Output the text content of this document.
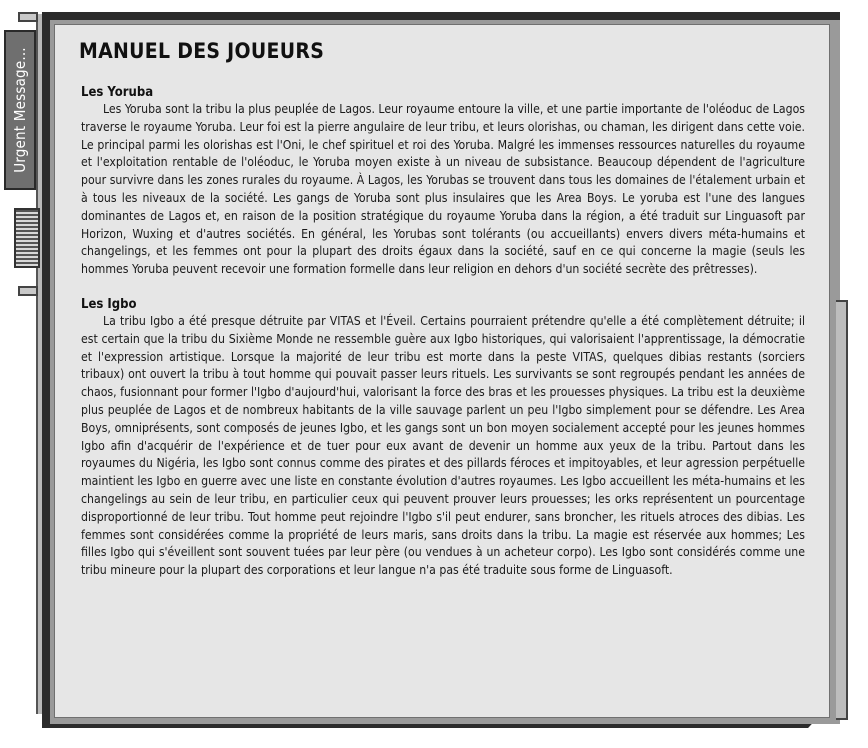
Urgent Message... MANUEL DES JOUEURS
Les Yoruba

Les Yoruba sont la tribu la plus peuplée de Lagos. Leur royaume entoure la ville, et une partie importante de l'oléoduc de Lagos traverse le royaume Yoruba. Leur foi est la pierre angulaire de leur tribu, et leurs olorishas, ou chaman, les dirigent dans cette voie. Le principal parmi les olorishas est l'Oni, le chef spirituel et roi des Yoruba. Malgré les immenses ressources naturelles du royaume et l'exploitation rentable de l'oléoduc, le Yoruba moyen existe à un niveau de subsistance. Beaucoup dépendent de l'agriculture pour survivre dans les zones rurales du royaume. À Lagos, les Yorubas se trouvent dans tous les domaines de l'étalement urbain et à tous les niveaux de la société. Les gangs de Yoruba sont plus insulaires que les Area Boys. Le yoruba est l'une des langues dominantes de Lagos et, en raison de la position stratégique du royaume Yoruba dans la région, a été traduit sur Linguasoft par Horizon, Wuxing et d'autres sociétés. En général, les Yorubas sont tolérants (ou accueillants) envers divers méta-humains et changelings, et les femmes ont pour la plupart des droits égaux dans la société, sauf en ce qui concerne la magie (seuls les hommes Yoruba peuvent recevoir une formation formelle dans leur religion en dehors d'un société secrète des prêtresses).

Les Igbo

La tribu Igbo a été presque détruite par VITAS et l'Éveil. Certains pourraient prétendre qu'elle a été complètement détruite; il est certain que la tribu du Sixième Monde ne ressemble guère aux Igbo historiques, qui valorisaient l'apprentissage, la démocratie et l'expression artistique. Lorsque la majorité de leur tribu est morte dans la peste VITAS, quelques dibias restants (sorciers tribaux) ont ouvert la tribu à tout homme qui pouvait passer leurs rituels. Les survivants se sont regroupés pendant les années de chaos, fusionnant pour former l'Igbo d'aujourd'hui, valorisant la force des bras et les prouesses physiques. La tribu est la deuxième plus peuplée de Lagos et de nombreux habitants de la ville sauvage parlent un peu l'Igbo simplement pour se défendre. Les Area Boys, omniprésents, sont composés de jeunes Igbo, et les gangs sont un bon moyen socialement accepté pour les jeunes hommes Igbo afin d'acquérir de l'expérience et de tuer pour eux avant de devenir un homme aux yeux de la tribu. Partout dans les royaumes du Nigéria, les Igbo sont connus comme des pirates et des pillards féroces et impitoyables, et leur agression perpétuelle maintient les Igbo en guerre avec une liste en constante évolution d'autres royaumes. Les Igbo accueillent les méta-humains et les changelings au sein de leur tribu, en particulier ceux qui peuvent prouver leurs prouesses; les orks représentent un pourcentage disproportionné de leur tribu. Tout homme peut rejoindre l'Igbo s'il peut endurer, sans broncher, les rituels atroces des dibias. Les femmes sont considérées comme la propriété de leurs maris, sans droits dans la tribu. La magie est réservée aux hommes; Les filles Igbo qui s'éveillent sont souvent tuées par leur père (ou vendues à un acheteur corpo). Les Igbo sont considérés comme une tribu mineure pour la plupart des corporations et leur langue n'a pas été traduite sous forme de Linguasoft.
